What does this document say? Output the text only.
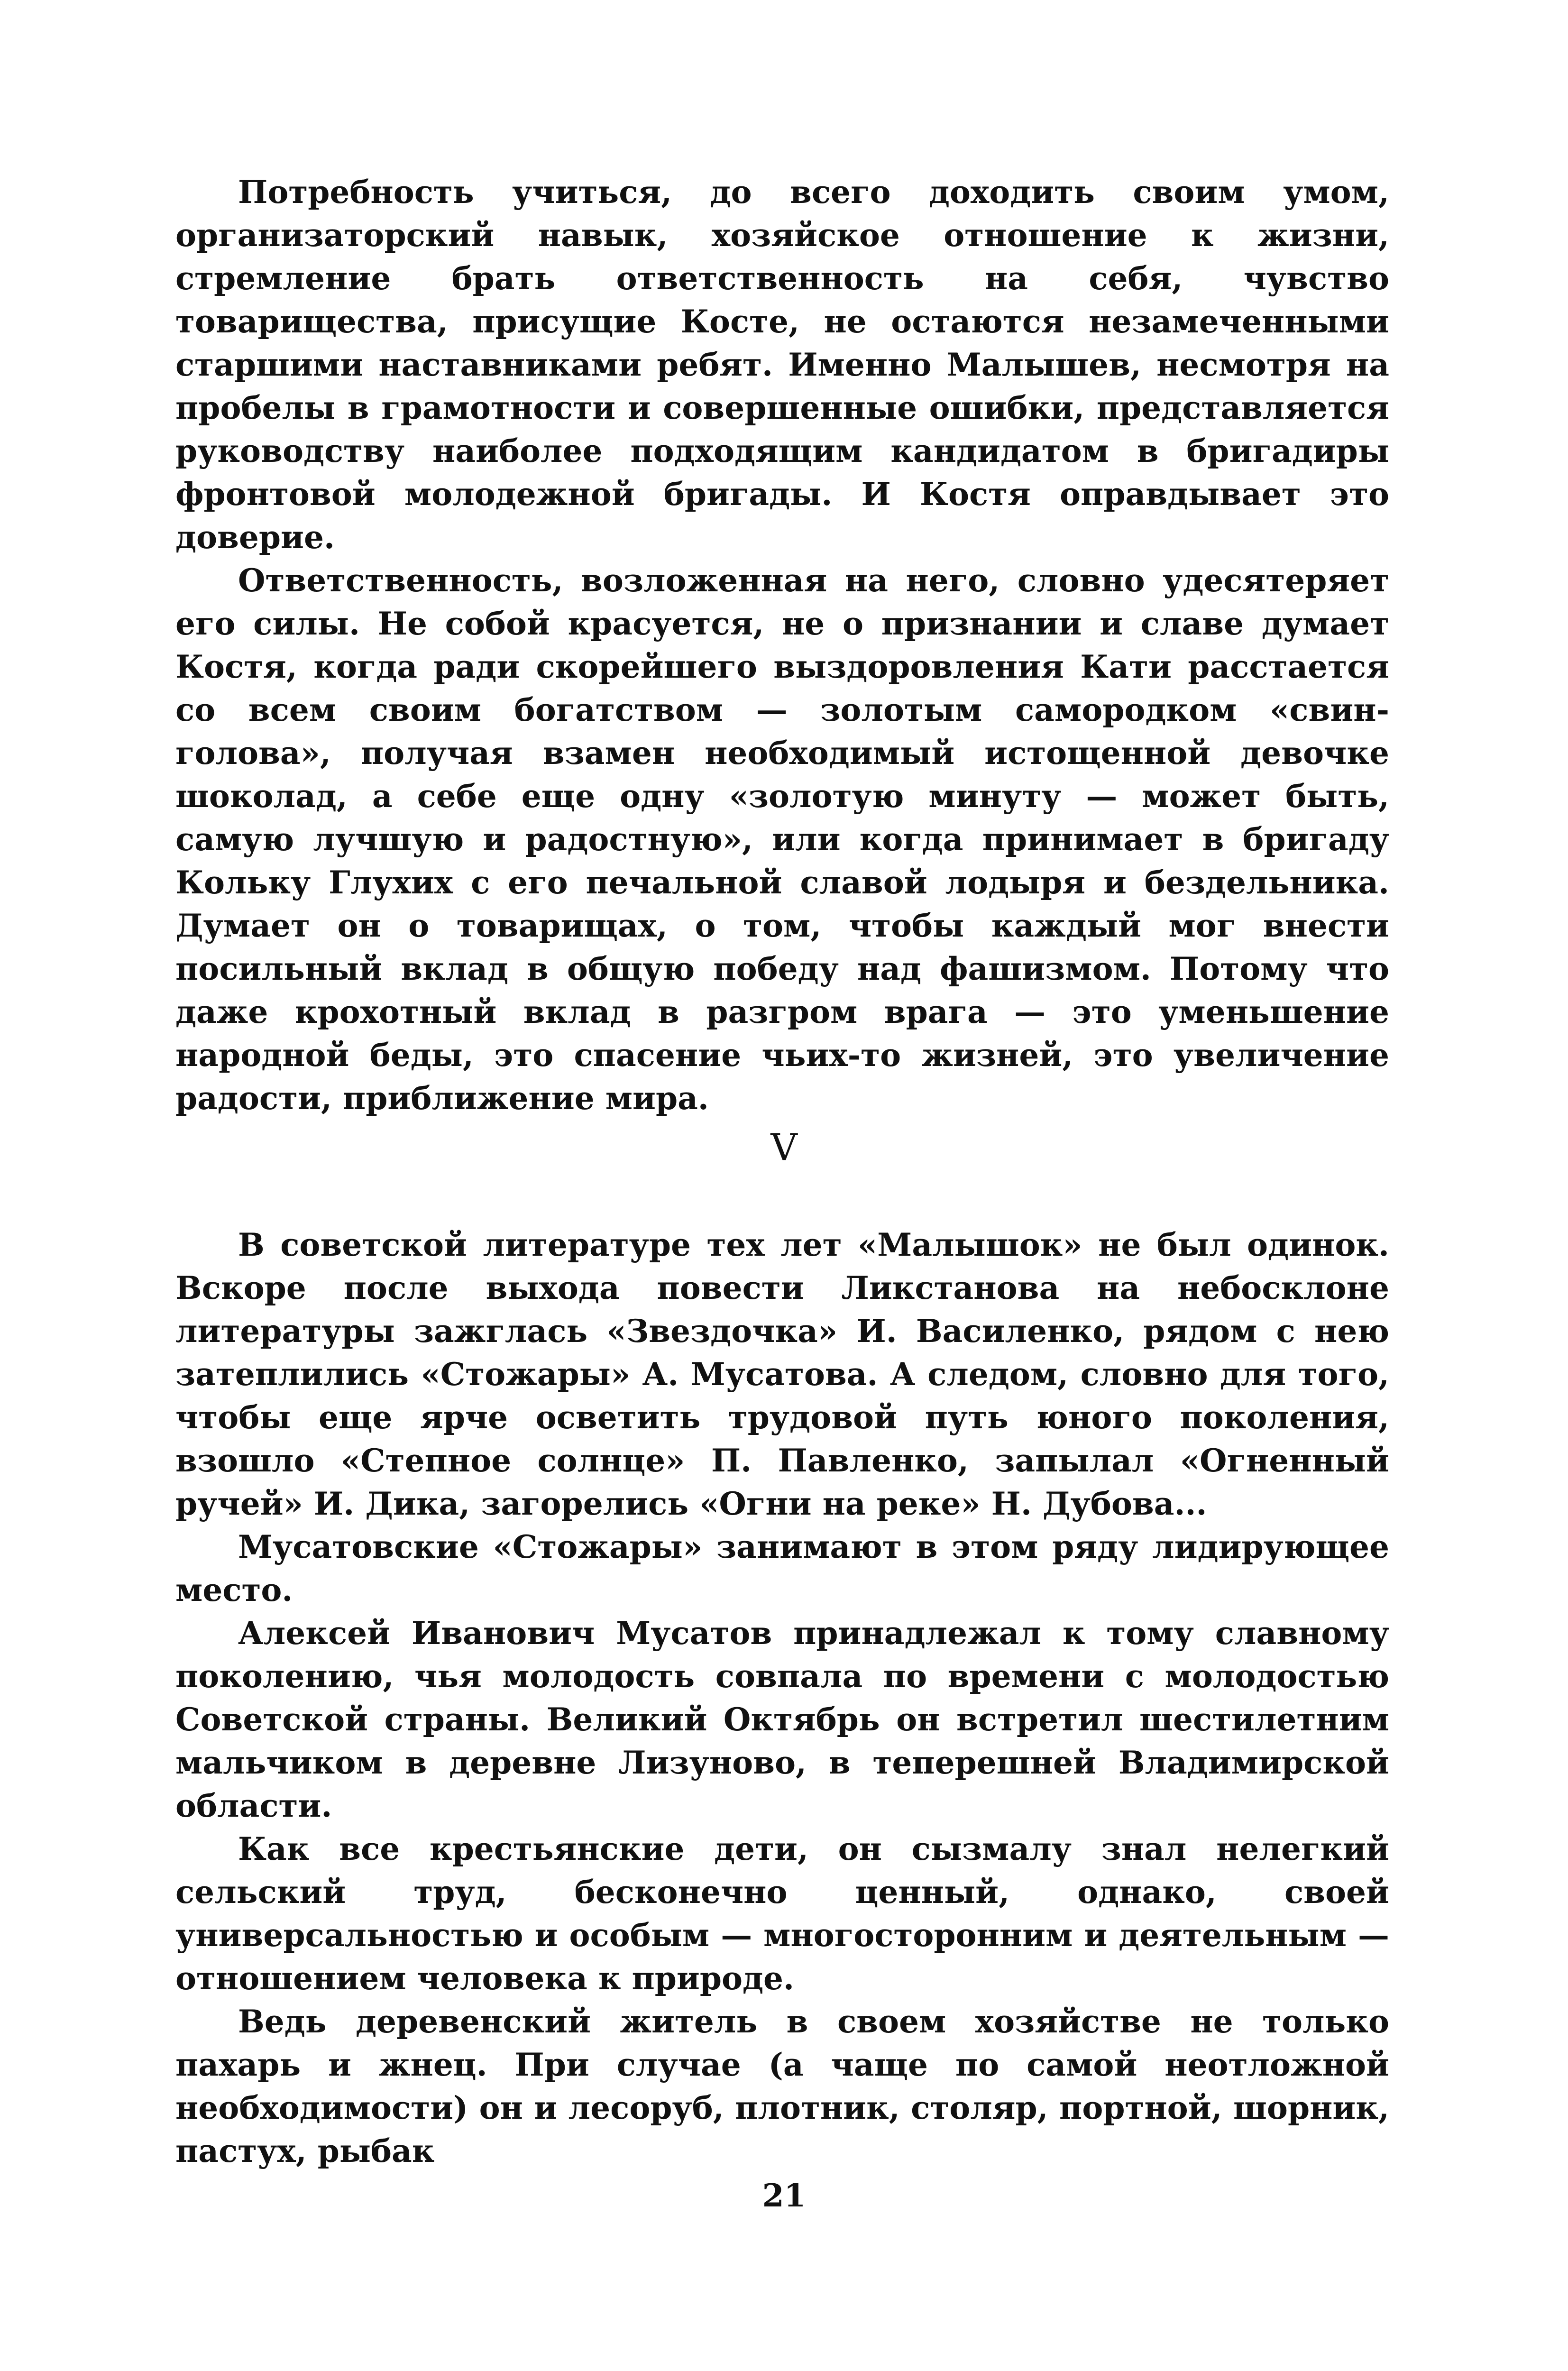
Потребность учиться, до всего доходить своим умом, организаторский навык, хозяйское отношение к жизни, стремление брать ответственность на себя, чувство товарищества, присущие Косте, не остаются незамеченными старшими наставниками ребят. Именно Малышев, несмотря на пробелы в грамотности и совершенные ошибки, представляется руководству наиболее подходящим кандидатом в бригадиры фронтовой молодежной бригады. И Костя оправдывает это доверие.

Ответственность, возложенная на него, словно удесятеряет его силы. Не собой красуется, не о признании и славе думает Костя, когда ради скорейшего выздоровления Кати расстается со всем своим богатством — золотым самородком «свин-голова», получая взамен необходимый истощенной девочке шоколад, а себе еще одну «золотую минуту — может быть, самую лучшую и радостную», или когда принимает в бригаду Кольку Глухих с его печальной славой лодыря и бездельника. Думает он о товарищах, о том, чтобы каждый мог внести посильный вклад в общую победу над фашизмом. Потому что даже крохотный вклад в разгром врага — это уменьшение народной беды, это спасение чьих-то жизней, это увеличение радости, приближение мира.

V

В советской литературе тех лет «Малышок» не был одинок. Вскоре после выхода повести Ликстанова на небосклоне литературы зажглась «Звездочка» И. Василенко, рядом с нею затеплились «Стожары» А. Мусатова. А следом, словно для того, чтобы еще ярче осветить трудовой путь юного поколения, взошло «Степное солнце» П. Павленко, запылал «Огненный ручей» И. Дика, загорелись «Огни на реке» Н. Дубова...

Мусатовские «Стожары» занимают в этом ряду лидирующее место.

Алексей Иванович Мусатов принадлежал к тому славному поколению, чья молодость совпала по времени с молодостью Советской страны. Великий Октябрь он встретил шестилетним мальчиком в деревне Лизуново, в теперешней Владимирской области.

Как все крестьянские дети, он сызмалу знал нелегкий сельский труд, бесконечно ценный, однако, своей универсальностью и особым — многосторонним и деятельным — отношением человека к природе.

Ведь деревенский житель в своем хозяйстве не только пахарь и жнец. При случае (а чаще по самой неотложной необходимости) он и лесоруб, плотник, столяр, портной, шорник, пастух, рыбак

21
